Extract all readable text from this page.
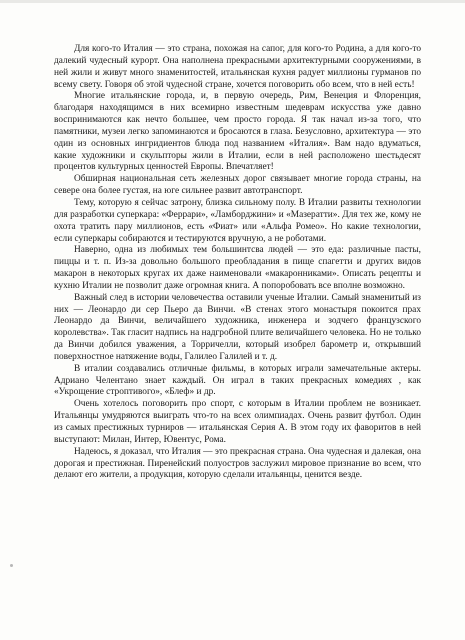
Для кого-то Италия — это страна, похожая на сапог, для кого-то Родина, а для кого-то далекий чудесный курорт. Она наполнена прекрасными архитектурными сооружениями, в ней жили и живут много знаменитостей, итальянская кухня радует миллионы гурманов по всему свету. Говоря об этой чудесной стране, хочется поговорить обо всем, что в ней есть!

Многие итальянские города, и, в первую очередь, Рим, Венеция и Флоренция, благодаря находящимся в них всемирно известным шедеврам искусства уже давно воспринимаются как нечто большее, чем просто города. Я так начал из-за того, что памятники, музеи легко запоминаются и бросаются в глаза. Безусловно, архитектура — это один из основных ингридиентов блюда под названием «Италия». Вам надо вдуматься, какие художники и скульпторы жили в Италии, если в ней расположено шестьдесят процентов культурных ценностей Европы. Впечатляет!

Обширная национальная сеть железных дорог связывает многие города страны, на севере она более густая, на юге сильнее развит автотранспорт.

Тему, которую я сейчас затрону, близка сильному полу. В Италии развиты технологии для разработки суперкара: «Феррари», «Ламборджини» и «Мазератти». Для тех же, кому не охота тратить пару миллионов, есть «Фиат» или «Альфа Ромео». Но какие технологии, если суперкары собираются и тестируются вручную, а не роботами.

Наверно, одна из любимых тем большинтсва людей — это еда: различные пасты, пиццы и т. п. Из-за довольно большого преобладания в пище спагетти и других видов макарон в некоторых кругах их даже наименовали «макаронниками». Описать рецепты и кухню Италии не позволит даже огромная книга. А попоробовать все вполне возможно.

Важный след в истории человечества оставили ученые Италии. Самый знаменитый из них — Леонардо ди сер Пьеро да Винчи. «В стенах этого монастыря покоится прах Леонардо да Винчи, величайшего художника, инженера и зодчего французского королевства». Так гласит надпись на надгробной плите величайшего человека. Но не только да Винчи добился уважения, а Торричелли, который изобрел барометр и, открывший поверхностное натяжение воды, Галилео Галилей и т. д.

В италии создавались отличные фильмы, в которых играли замечательные актеры. Адриано Челентано знает каждый. Он играл в таких прекрасных комедиях , как «Укрощение строптивого», «Блеф» и др.

Очень хотелось поговорить про спорт, с которым в Италии проблем не возникает. Итальянцы умудряются выиграть что-то на всех олимпиадах. Очень развит футбол. Один из самых престижных турниров — итальянская Серия А. В этом году их фаворитов в ней выступают: Милан, Интер, Ювентус, Рома.

Надеюсь, я доказал, что Италия — это прекрасная страна. Она чудесная и далекая, она дорогая и престижная. Пиренейский полуостров заслужил мировое признание во всем, что делают его жители, а продукция, которую сделали итальянцы, ценится везде.
